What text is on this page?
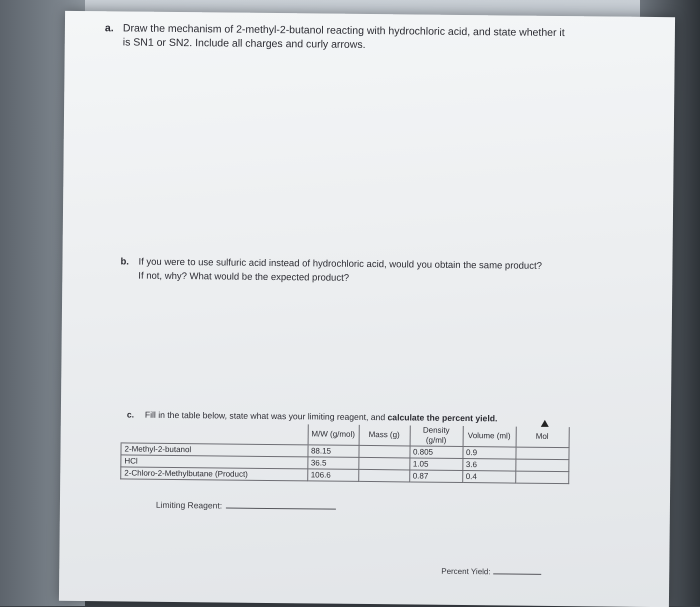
a. Draw the mechanism of 2-methyl-2-butanol reacting with hydrochloric acid, and state whether it
is SN1 or SN2. Include all charges and curly arrows.
b. If you were to use sulfuric acid instead of hydrochloric acid, would you obtain the same product?
If not, why? What would be the expected product?
c. Fill in the table below, state what was your limiting reagent, and calculate the percent yield.
	M/W (g/mol)	Mass (g)	Density (g/ml)	Volume (ml)	Mol
2-Methyl-2-butanol	88.15		0.805	0.9	
HCl	36.5		1.05	3.6	
2-Chloro-2-Methylbutane (Product)	106.6		0.87	0.4	
Limiting Reagent:
Percent Yield:
